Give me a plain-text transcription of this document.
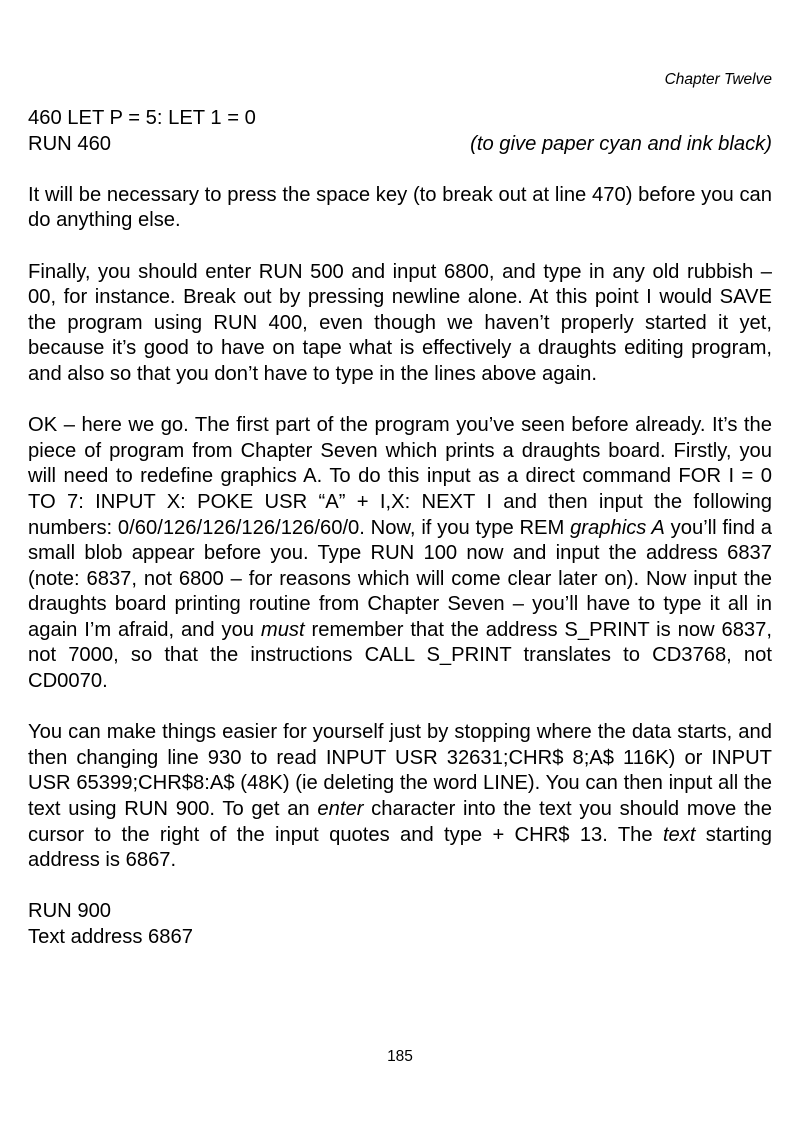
Chapter Twelve
460 LET P = 5: LET 1 = 0
RUN 460	(to give paper cyan and ink black)

It will be necessary to press the space key (to break out at line 470) before you can do anything else.

Finally, you should enter RUN 500 and input 6800, and type in any old rubbish – 00, for instance. Break out by pressing newline alone. At this point I would SAVE the program using RUN 400, even though we haven’t properly started it yet, because it’s good to have on tape what is effectively a draughts editing program, and also so that you don’t have to type in the lines above again.

OK – here we go. The first part of the program you’ve seen before already. It’s the piece of program from Chapter Seven which prints a draughts board. Firstly, you will need to redefine graphics A. To do this input as a direct command FOR I = 0 TO 7: INPUT X: POKE USR “A” + I,X: NEXT I and then input the following numbers: 0/60/126/126/126/126/60/0. Now, if you type REM graphics A you’ll find a small blob appear before you. Type RUN 100 now and input the address 6837 (note: 6837, not 6800 – for reasons which will come clear later on). Now input the draughts board printing routine from Chapter Seven – you’ll have to type it all in again I’m afraid, and you must remember that the address S_PRINT is now 6837, not 7000, so that the instructions CALL S_PRINT translates to CD3768, not CD0070.

You can make things easier for yourself just by stopping where the data starts, and then changing line 930 to read INPUT USR 32631;CHR$ 8;A$ 116K) or INPUT USR 65399;CHR$8:A$ (48K) (ie deleting the word LINE). You can then input all the text using RUN 900. To get an enter character into the text you should move the cursor to the right of the input quotes and type + CHR$ 13. The text starting address is 6867.

RUN 900
Text address 6867
185
